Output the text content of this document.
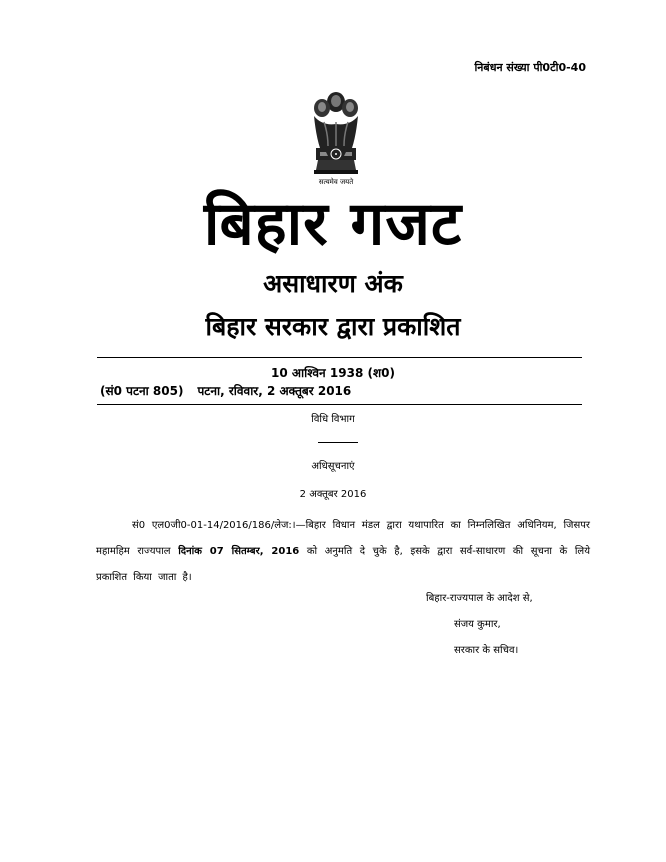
निबंधन संख्या पी0टी0-40
सत्यमेव जयते
बिहार गजट
असाधारण अंक
बिहार सरकार द्वारा प्रकाशित
10 आश्विन 1938 (श0)
(सं0 पटना 805) पटना, रविवार, 2 अक्तूबर 2016
विधि विभाग
अधिसूचनाएं
2 अक्तूबर 2016
सं0 एल0जी0-01-14/2016/186/लेज:।—बिहार विधान मंडल द्वारा यथापारित का निम्नलिखित अधिनियम, जिसपर महामहिम राज्यपाल दिनांक 07 सितम्बर, 2016 को अनुमति दे चुके है, इसके द्वारा सर्व-साधारण की सूचना के लिये प्रकाशित किया जाता है।
बिहार-राज्यपाल के आदेश से,
संजय कुमार,
सरकार के सचिव।
